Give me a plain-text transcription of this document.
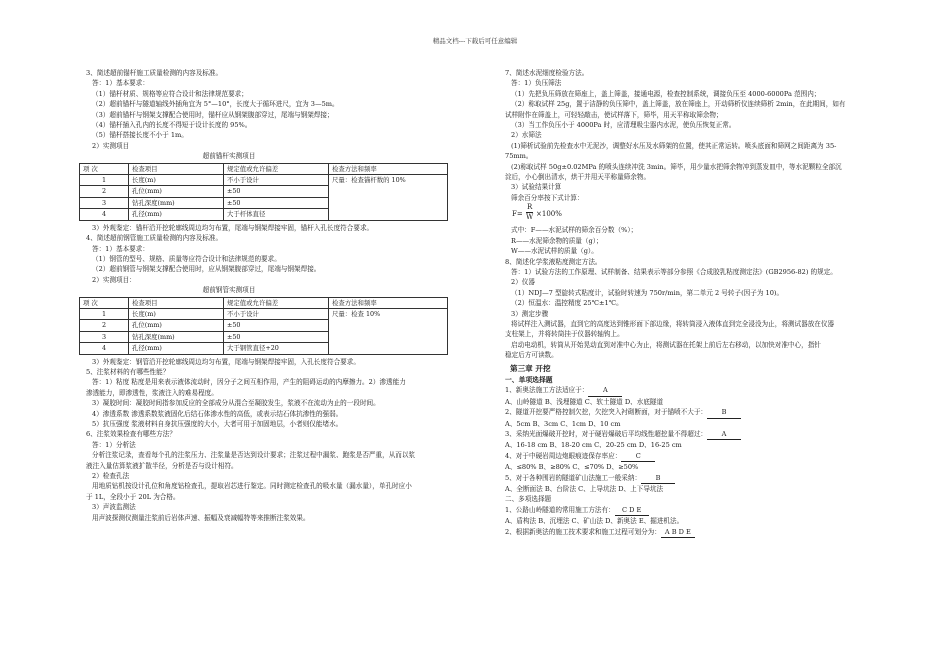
精品文档---下载后可任意编辑
3、简述超前锚杆施工质量检测的内容及标准。
答：1）基本要求：
（1）锚杆材质、规格等应符合设计和法律规范要求；
（2）超前锚杆与隧道轴线外插角宜为 5°—10°，长度大于循环进尺，宜为 3—5m。
（3）超前锚杆与钢架支撑配合使用时，锚杆应从钢架腹部穿过，尾端与钢架焊接；
（4）锚杆插入孔内的长度不得短于设计长度的 95%。
（5）锚杆搭接长度不小于 1m。
2）实测项目
超前锚杆实测项目
项 次	检查项目	规定值或允许偏差	检查方法和频率
1	长度(m)	不小于设计	尺量：检查锚杆数的 10%
2	孔位(mm)	±50	
3	钻孔深度(mm)	±50	
4	孔径(mm)	大于杆体直径	
3）外观鉴定：锚杆沿开挖轮廓线周边均匀布置，尾端与钢架焊接牢固，锚杆入孔长度符合要求。
4、简述超前钢管施工质量检测的内容及标准。
答：1）基本要求：
（1）钢管的型号、规格、质量等应符合设计和法律规范的要求。
（2）超前钢管与钢架支撑配合使用时，应从钢架腹部穿过，尾端与钢架焊接。
2）实测项目：
超前钢管实测项目
项 次	检查项目	规定值或允许偏差	检查方法和频率
1	长度(m)	不小于设计	尺量：检查 10%
2	孔位(mm)	±50	
3	钻孔深度(mm)	±50	
4	孔径(mm)	大于钢管直径+20	
3）外观鉴定：钢管沿开挖轮廓线周边均匀布置，尾端与钢架焊接牢固，入孔长度符合要求。
5、注浆材料的有哪些性能？
答：1）粘度 粘度是用来表示液体流动时，因分子之间互相作用，产生的阻碍运动的内摩擦力。2）渗透能力
渗透能力，即渗透性，浆液注入的难易程度。
3）凝胶时间：凝胶时间指参加反应的全部成分从混合至凝胶发生，浆液不在流动为止的一段时间。
4）渗透系数 渗透系数浆液固化后结石体渗水性的高低，或表示结石体抗渗性的强弱。
5）抗压强度 浆液材料自身抗压强度的大小，大者可用于加固地层，小者则仅能堵水。
6、注浆效果检查有哪些方法？
答：1）分析法
分析注浆记录，查看每个孔的注浆压力、注浆量是否达到设计要求；注浆过程中漏浆、跑浆是否严重，从而以浆
液注入量估算浆液扩散半径，分析是否与设计相符。
2）检查孔法
用地质钻机按设计孔位和角度钻检查孔，提取岩芯进行鉴定。同时测定检查孔的吸水量（漏水量），单孔时应小
于 1L，全段小于 20L 为合格。
3）声波监测法
用声波探测仪测量注浆前后岩体声速、振幅及衰减幅特等来推断注浆效果。
7、简述水泥细度检验方法。
答：1）负压筛法
（1）先把负压筛放在筛座上，盖上筛盖，接通电源，检查控制系统，调接负压至 4000-6000Pa 范围内；
（2）称取试样 25g，置于洁静的负压筛中，盖上筛盖，放在筛座上，开动筛析仪连续筛析 2min，在此期间，如有
试样附作在筛盖上，可轻轻敲击，使试样落下，筛毕，用天平称取筛余物；
（3）当工作负压小于 4000Pa 时，应清理吸尘器内水泥，使负压恢复正常。
2）水筛法
(1)筛析试验前先检查水中无泥沙，调整好水压及水筛架的位置，使其正常运转。喷头底面和筛网之间距离为 35-
75mm。
(2)称取试样 50g±0.02MPa 的喷头连续冲洗 3min。筛毕，用少量水把筛余物冲到蒸发皿中，等水泥颗粒全部沉
淀后，小心倒出清水，烘干并用天平称量筛余物。
3）试验结果计算
筛余百分率按下式计算：
$F= \frac{R}{W} \times 100\%$
式中：F——水泥试样的筛余百分数（%）；
R——水泥筛余物的质量（g）；
W——水泥试样的质量（g）。
8、简述化学浆液粘度测定方法。
答：1）试验方法的工作原理、试样制备、结果表示等部分参照《合成胶乳粘度测定法》(GB2956-82) 的规定。
2）仪器
（1）NDJ—7 型旋转式粘度计，试验时转速为 750r/min，第二单元 2 号转子(因子为 10)。
（2）恒温水：温控精度 25℃±1℃。
3）测定步骤
将试样注入测试器，直到它的高度达到锥形面下部边缘，将转筒浸入液体直到完全浸没为止，将测试器放在仪器
支柱架上，并将转筒挂于仪器转轴钩上。
启动电动机，转筒从开始晃动直到对准中心为止，将测试器在托架上前后左右移动，以加快对准中心，指针
稳定后方可读数。
第三章 开挖
一、单项选择题
1、新奥法施工方法适应于： A
A、山岭隧道 B、浅埋隧道 C、软土隧道 D、水底隧道
2、隧道开挖要严格控制欠挖，欠挖突入衬砌断面，对于锚喷不大于： B
A、5cm B、3cm C、1cm D、10 cm
3、采纳光面爆破开挖时，对于硬岩爆破后平均线性超挖量不得超过： A
A、16-18 cm B、18-20 cm C、20-25 cm D、16-25 cm
4、对于中硬岩周边炮眼痕迹保存率应： C
A、≤80% B、≥80% C、≤70% D、≥50%
5、对于各种围岩的隧道矿山法施工一般采纳： B
A、全断面法 B、台阶法 C、上导坑法 D、上下导坑法
二、多项选择题
1、公路山岭隧道的常用施工方法有： C D E
A、盾构法 B、沉埋法 C、矿山法 D、新奥法 E、掘进机法。
2、根据新奥法的施工技术要求和施工过程可划分为： A B D E
